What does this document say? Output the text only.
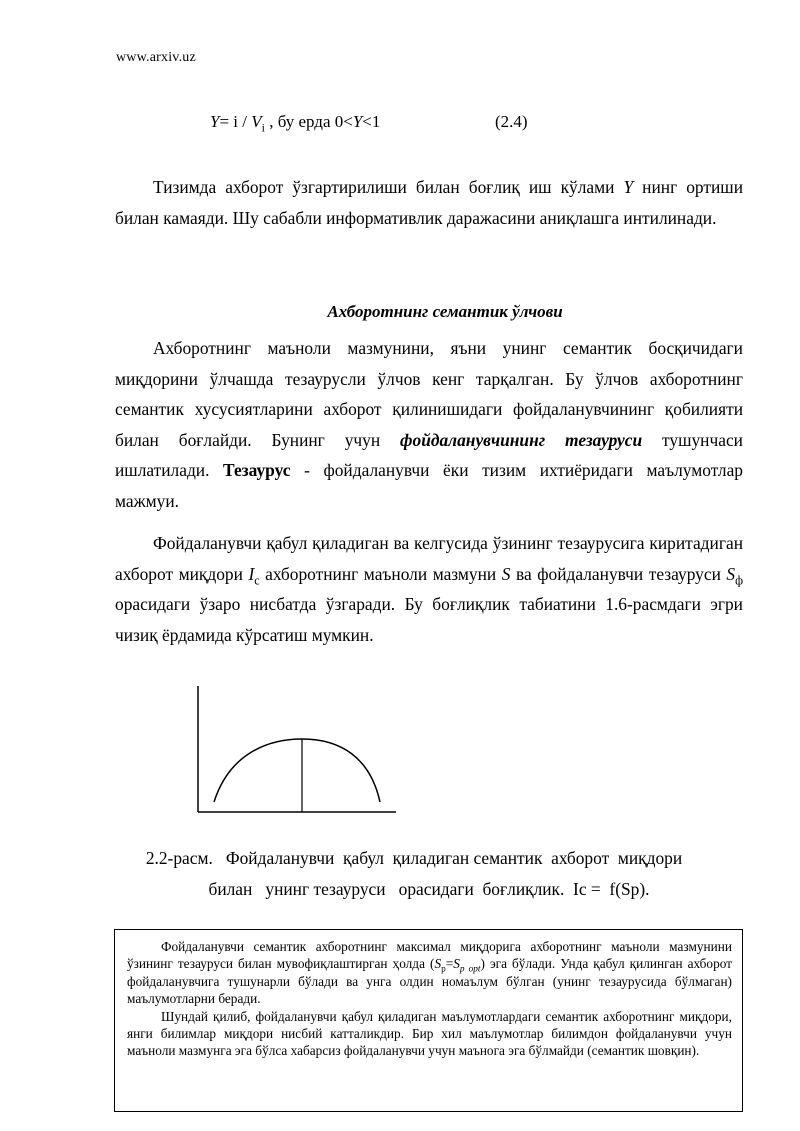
www.arxiv.uz
$Y= i / V_i$ , бу ерда 0<Y<1	(2.4)
Тизимда ахборот ўзгартирилиши билан боғлиқ иш кўлами Y нинг ортиши билан камаяди. Шу сабабли информативлик даражасини аниқлашга интилинади.
Ахборотнинг семантик ўлчови
Ахборотнинг маъноли мазмунини, яъни унинг семантик босқичидаги миқдорини ўлчашда тезаурусли ўлчов кенг тарқалган. Бу ўлчов ахборотнинг семантик хусусиятларини ахборот қилинишидаги фойдаланувчининг қобилияти билан боғлайди. Бунинг учун фойдаланувчининг тезауруси тушунчаси ишлатилади. Тезаурус - фойдаланувчи ёки тизим ихтиёридаги маълумотлар мажмуи.
Фойдаланувчи қабул қиладиган ва келгусида ўзининг тезаурусига киритадиган ахборот миқдори $I_c$ ахборотнинг маъноли мазмуни S ва фойдаланувчи тезауруси $S_ф$ орасидаги ўзаро нисбатда ўзгаради. Бу боғлиқлик табиатини 1.6-расмдаги эгри чизиқ ёрдамида кўрсатиш мумкин.
2.2-расм.   Фойдаланувчи  қабул  қиладиган семантик  ахборот  миқдори
билан   унинг тезауруси   орасидаги  боғлиқлик.  Ic =  f(Sp).

Фойдаланувчи семантик ахборотнинг максимал миқдорига ахборотнинг маъноли мазмунини ўзининг тезауруси билан мувофиқлаштирган ҳолда $(S_p=S_{p opt})$ эга бўлади. Унда қабул қилинган ахборот фойдаланувчига тушунарли бўлади ва унга олдин номаълум бўлган (унинг тезаурусида бўлмаган) маълумотларни беради.

Шундай қилиб, фойдаланувчи қабул қиладиган маълумотлардаги семантик ахборотнинг миқдори, янги билимлар миқдори нисбий катталикдир. Бир хил маълумотлар билимдон фойдаланувчи учун маъноли мазмунга эга бўлса хабарсиз фойдаланувчи учун маънога эга бўлмайди (семантик шовқин).
